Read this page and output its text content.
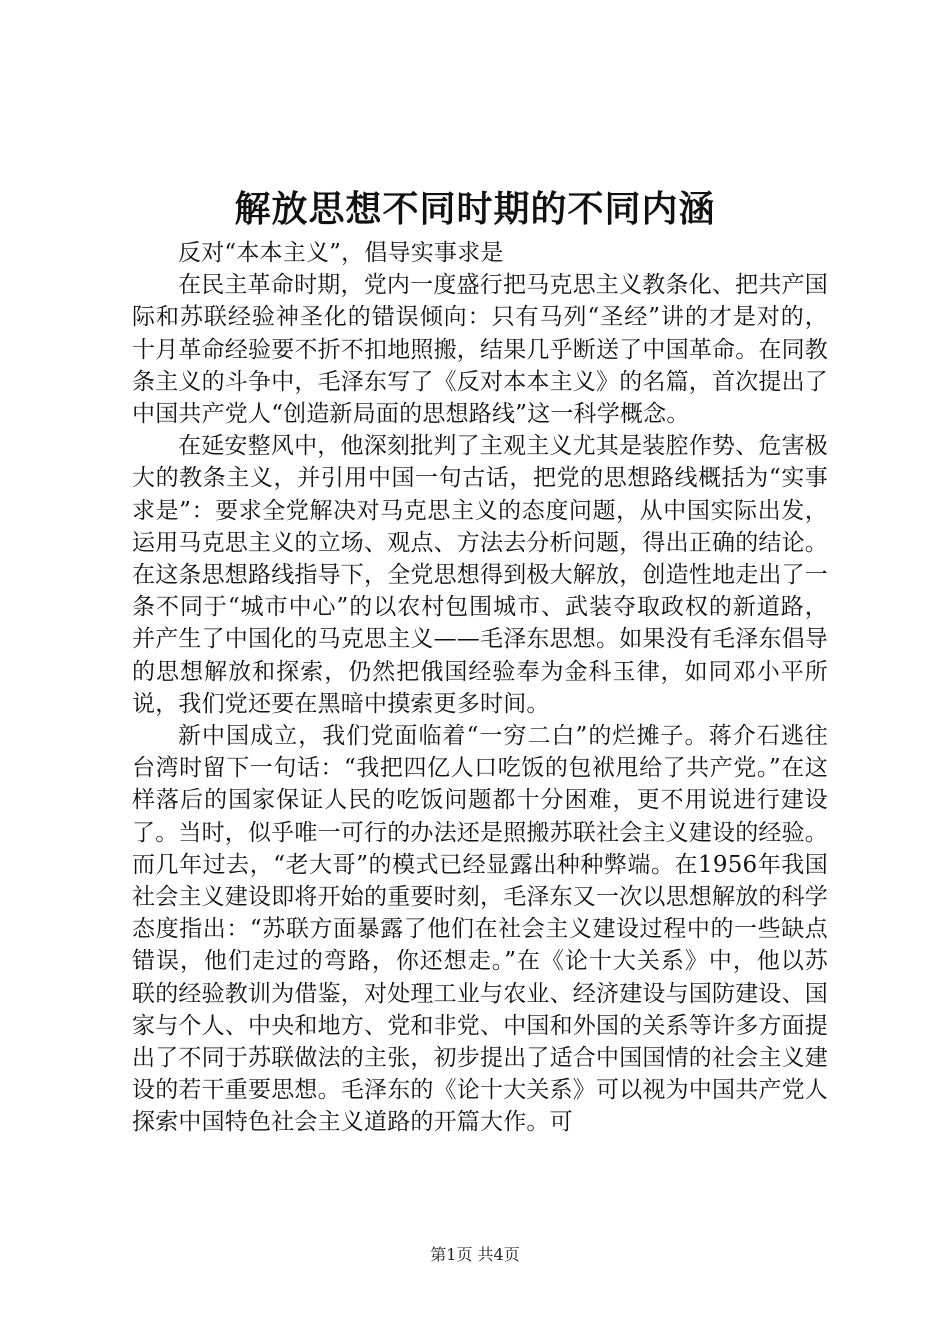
解放思想不同时期的不同内涵

反对“本本主义”，倡导实事求是

在民主革命时期，党内一度盛行把马克思主义教条化、把共产国际和苏联经验神圣化的错误倾向：只有马列“圣经”讲的才是对的，十月革命经验要不折不扣地照搬，结果几乎断送了中国革命。在同教条主义的斗争中，毛泽东写了《反对本本主义》的名篇，首次提出了中国共产党人“创造新局面的思想路线”这一科学概念。

在延安整风中，他深刻批判了主观主义尤其是装腔作势、危害极大的教条主义，并引用中国一句古话，把党的思想路线概括为“实事求是”：要求全党解决对马克思主义的态度问题，从中国实际出发，运用马克思主义的立场、观点、方法去分析问题，得出正确的结论。在这条思想路线指导下，全党思想得到极大解放，创造性地走出了一条不同于“城市中心”的以农村包围城市、武装夺取政权的新道路，并产生了中国化的马克思主义——毛泽东思想。如果没有毛泽东倡导的思想解放和探索，仍然把俄国经验奉为金科玉律，如同邓小平所说，我们党还要在黑暗中摸索更多时间。

新中国成立，我们党面临着“一穷二白”的烂摊子。蒋介石逃往台湾时留下一句话：“我把四亿人口吃饭的包袱甩给了共产党。”在这样落后的国家保证人民的吃饭问题都十分困难，更不用说进行建设了。当时，似乎唯一可行的办法还是照搬苏联社会主义建设的经验。而几年过去，“老大哥”的模式已经显露出种种弊端。在1956年我国社会主义建设即将开始的重要时刻，毛泽东又一次以思想解放的科学态度指出：“苏联方面暴露了他们在社会主义建设过程中的一些缺点错误，他们走过的弯路，你还想走。”在《论十大关系》中，他以苏联的经验教训为借鉴，对处理工业与农业、经济建设与国防建设、国家与个人、中央和地方、党和非党、中国和外国的关系等许多方面提出了不同于苏联做法的主张，初步提出了适合中国国情的社会主义建设的若干重要思想。毛泽东的《论十大关系》可以视为中国共产党人探索中国特色社会主义道路的开篇大作。可

第1页 共4页
